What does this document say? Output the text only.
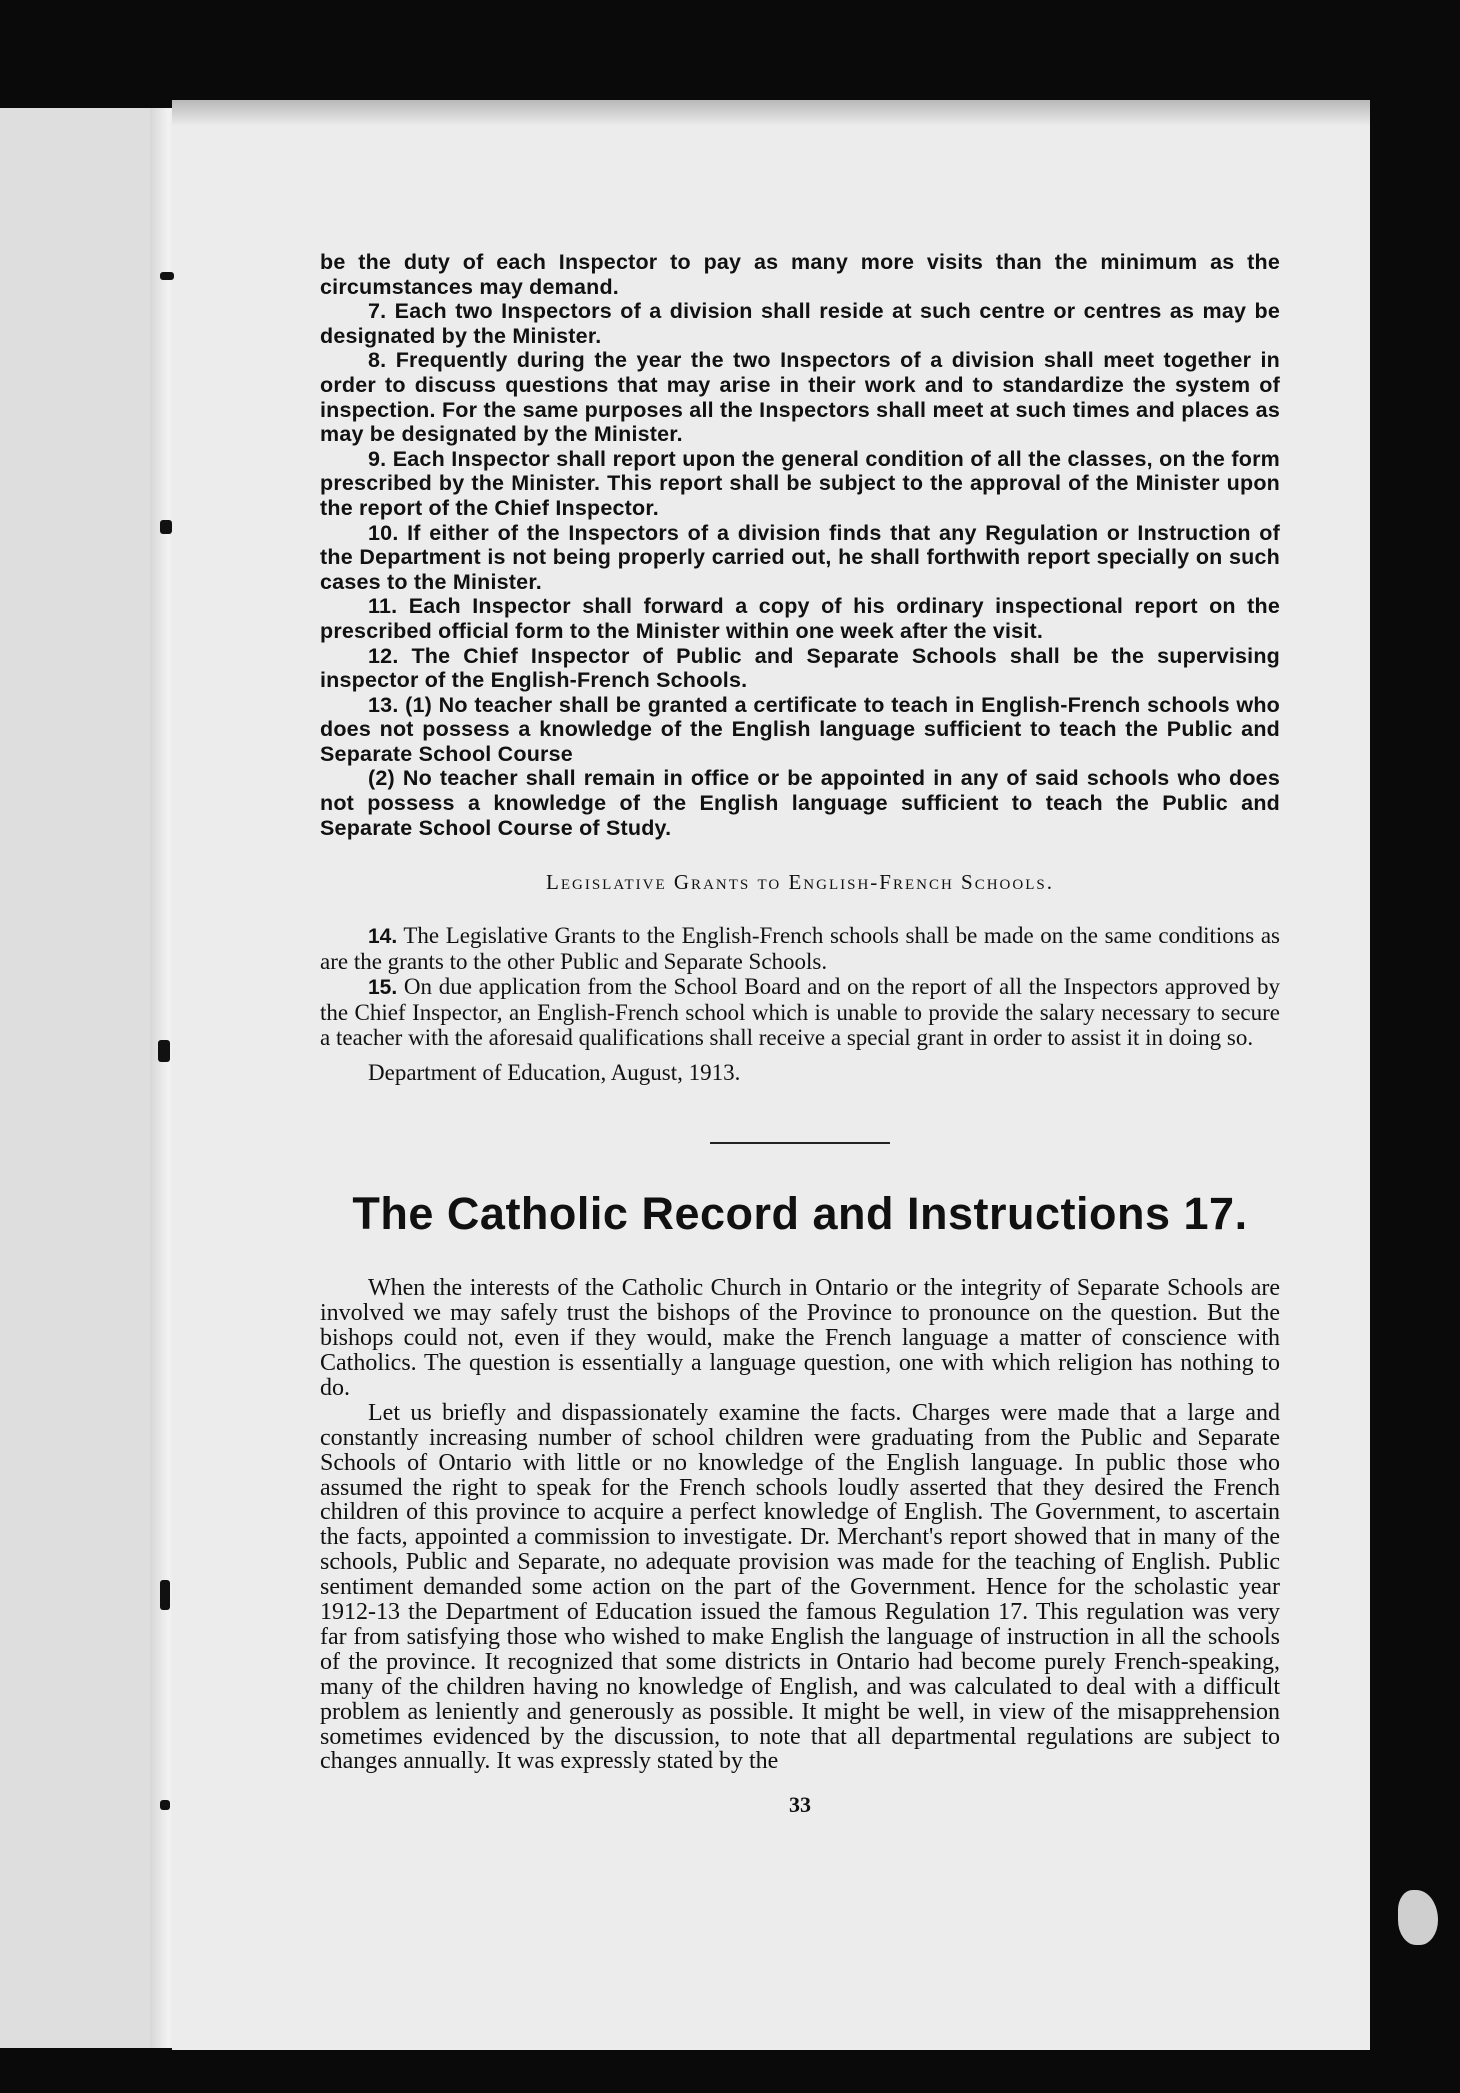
be the duty of each Inspector to pay as many more visits than the minimum as the circumstances may demand.

7. Each two Inspectors of a division shall reside at such centre or centres as may be designated by the Minister.

8. Frequently during the year the two Inspectors of a division shall meet together in order to discuss questions that may arise in their work and to standardize the system of inspection. For the same purposes all the Inspectors shall meet at such times and places as may be designated by the Minister.

9. Each Inspector shall report upon the general condition of all the classes, on the form prescribed by the Minister. This report shall be subject to the approval of the Minister upon the report of the Chief Inspector.

10. If either of the Inspectors of a division finds that any Regulation or Instruction of the Department is not being properly carried out, he shall forthwith report specially on such cases to the Minister.

11. Each Inspector shall forward a copy of his ordinary inspectional report on the prescribed official form to the Minister within one week after the visit.

12. The Chief Inspector of Public and Separate Schools shall be the supervising inspector of the English-French Schools.

13. (1) No teacher shall be granted a certificate to teach in English-French schools who does not possess a knowledge of the English language sufficient to teach the Public and Separate School Course

(2) No teacher shall remain in office or be appointed in any of said schools who does not possess a knowledge of the English language sufficient to teach the Public and Separate School Course of Study.

Legislative Grants to English-French Schools.

14. The Legislative Grants to the English-French schools shall be made on the same conditions as are the grants to the other Public and Separate Schools.

15. On due application from the School Board and on the report of all the Inspectors approved by the Chief Inspector, an English-French school which is unable to provide the salary necessary to secure a teacher with the aforesaid qualifications shall receive a special grant in order to assist it in doing so.

Department of Education, August, 1913.
The Catholic Record and Instructions 17.

When the interests of the Catholic Church in Ontario or the integrity of Separate Schools are involved we may safely trust the bishops of the Province to pronounce on the question. But the bishops could not, even if they would, make the French language a matter of conscience with Catholics. The question is essentially a language question, one with which religion has nothing to do.

Let us briefly and dispassionately examine the facts. Charges were made that a large and constantly increasing number of school children were graduating from the Public and Separate Schools of Ontario with little or no knowledge of the English language. In public those who assumed the right to speak for the French schools loudly asserted that they desired the French children of this province to acquire a perfect knowledge of English. The Government, to ascertain the facts, appointed a commission to investigate. Dr. Merchant's report showed that in many of the schools, Public and Separate, no adequate provision was made for the teaching of English. Public sentiment demanded some action on the part of the Government. Hence for the scholastic year 1912-13 the Department of Education issued the famous Regulation 17. This regulation was very far from satisfying those who wished to make English the language of instruction in all the schools of the province. It recognized that some districts in Ontario had become purely French-speaking, many of the children having no knowledge of English, and was calculated to deal with a difficult problem as leniently and generously as possible. It might be well, in view of the misapprehension sometimes evidenced by the discussion, to note that all departmental regulations are subject to changes annually. It was expressly stated by the

33
